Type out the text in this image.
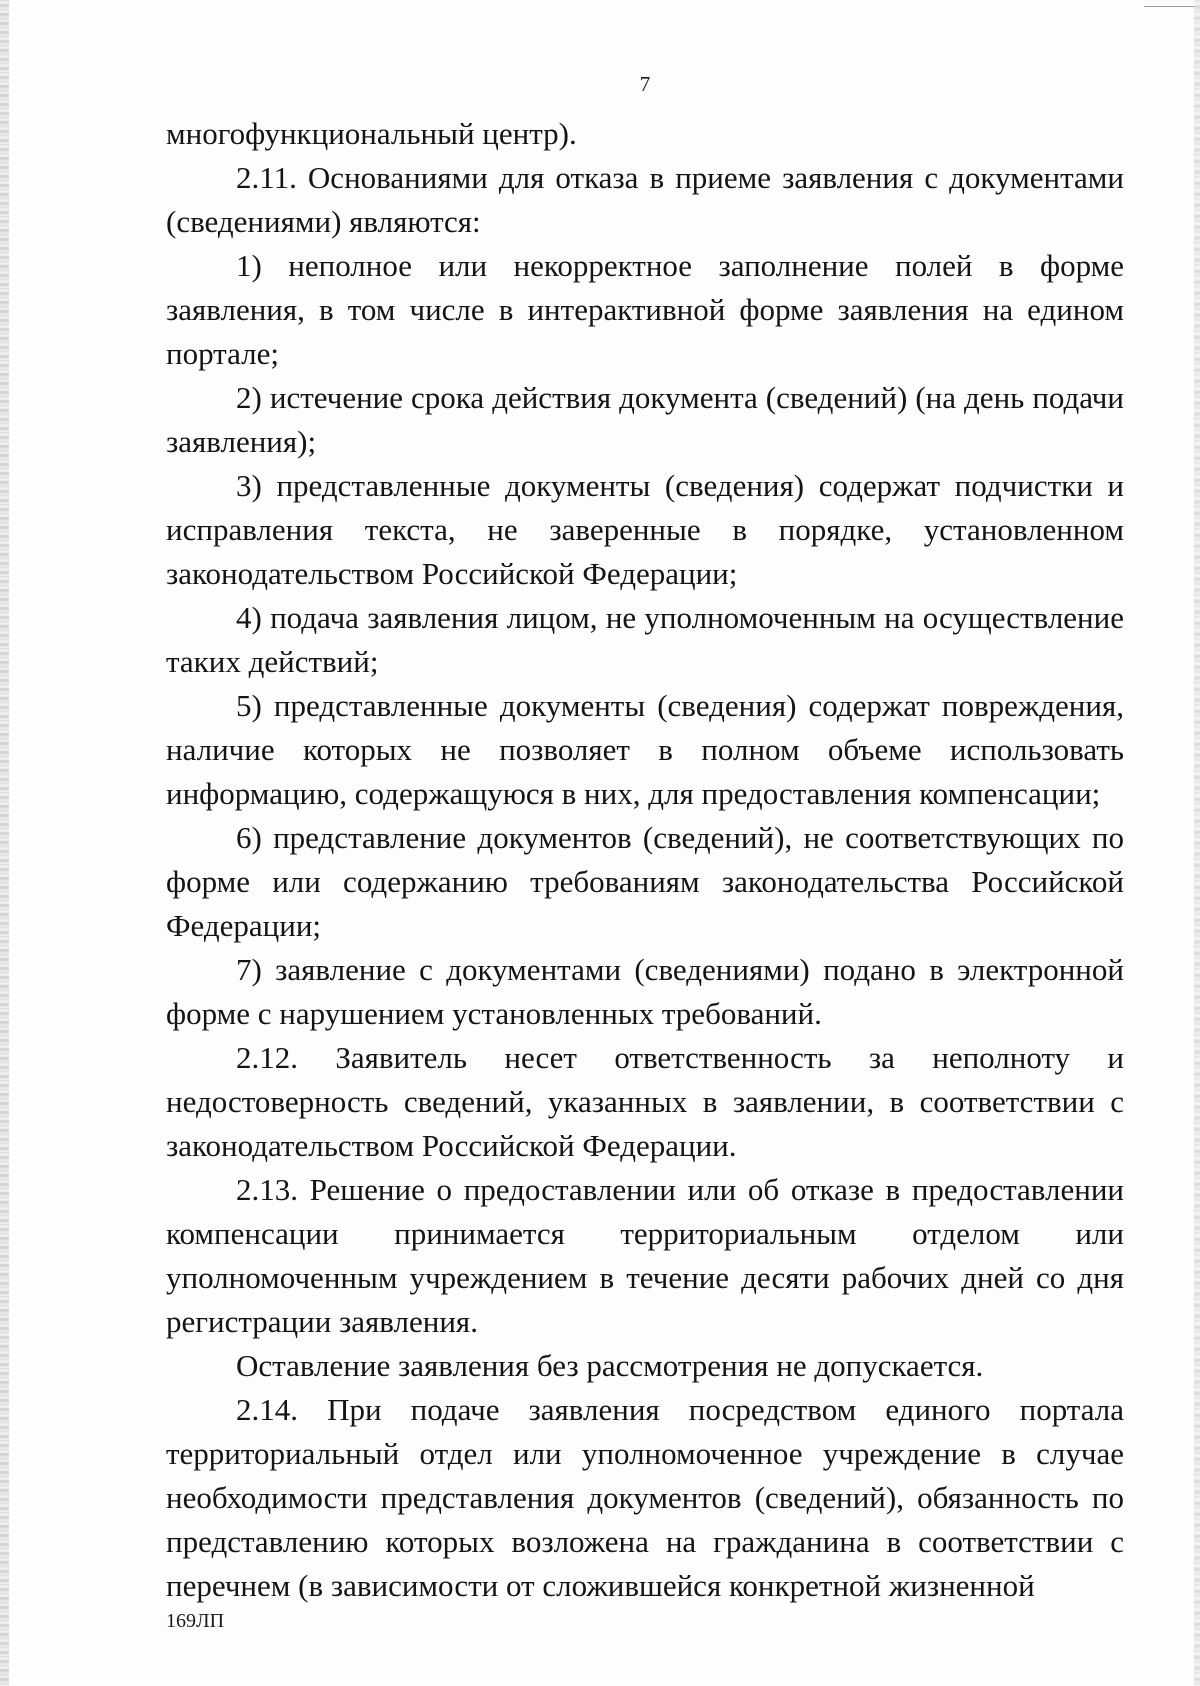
7

многофункциональный центр).

2.11. Основаниями для отказа в приеме заявления с документами (сведениями) являются:

1) неполное или некорректное заполнение полей в форме заявления, в том числе в интерактивной форме заявления на едином портале;

2) истечение срока действия документа (сведений) (на день подачи заявления);

3) представленные документы (сведения) содержат подчистки и исправления текста, не заверенные в порядке, установленном законодательством Российской Федерации;

4) подача заявления лицом, не уполномоченным на осуществление таких действий;

5) представленные документы (сведения) содержат повреждения, наличие которых не позволяет в полном объеме использовать информацию, содержащуюся в них, для предоставления компенсации;

6) представление документов (сведений), не соответствующих по форме или содержанию требованиям законодательства Российской Федерации;

7) заявление с документами (сведениями) подано в электронной форме с нарушением установленных требований.

2.12. Заявитель несет ответственность за неполноту и недостоверность сведений, указанных в заявлении, в соответствии с законодательством Российской Федерации.

2.13. Решение о предоставлении или об отказе в предоставлении компенсации принимается территориальным отделом или уполномоченным учреждением в течение десяти рабочих дней со дня регистрации заявления.

Оставление заявления без рассмотрения не допускается.

2.14. При подаче заявления посредством единого портала территориальный отдел или уполномоченное учреждение в случае необходимости представления документов (сведений), обязанность по представлению которых возложена на гражданина в соответствии с перечнем (в зависимости от сложившейся конкретной жизненной

169ЛП
